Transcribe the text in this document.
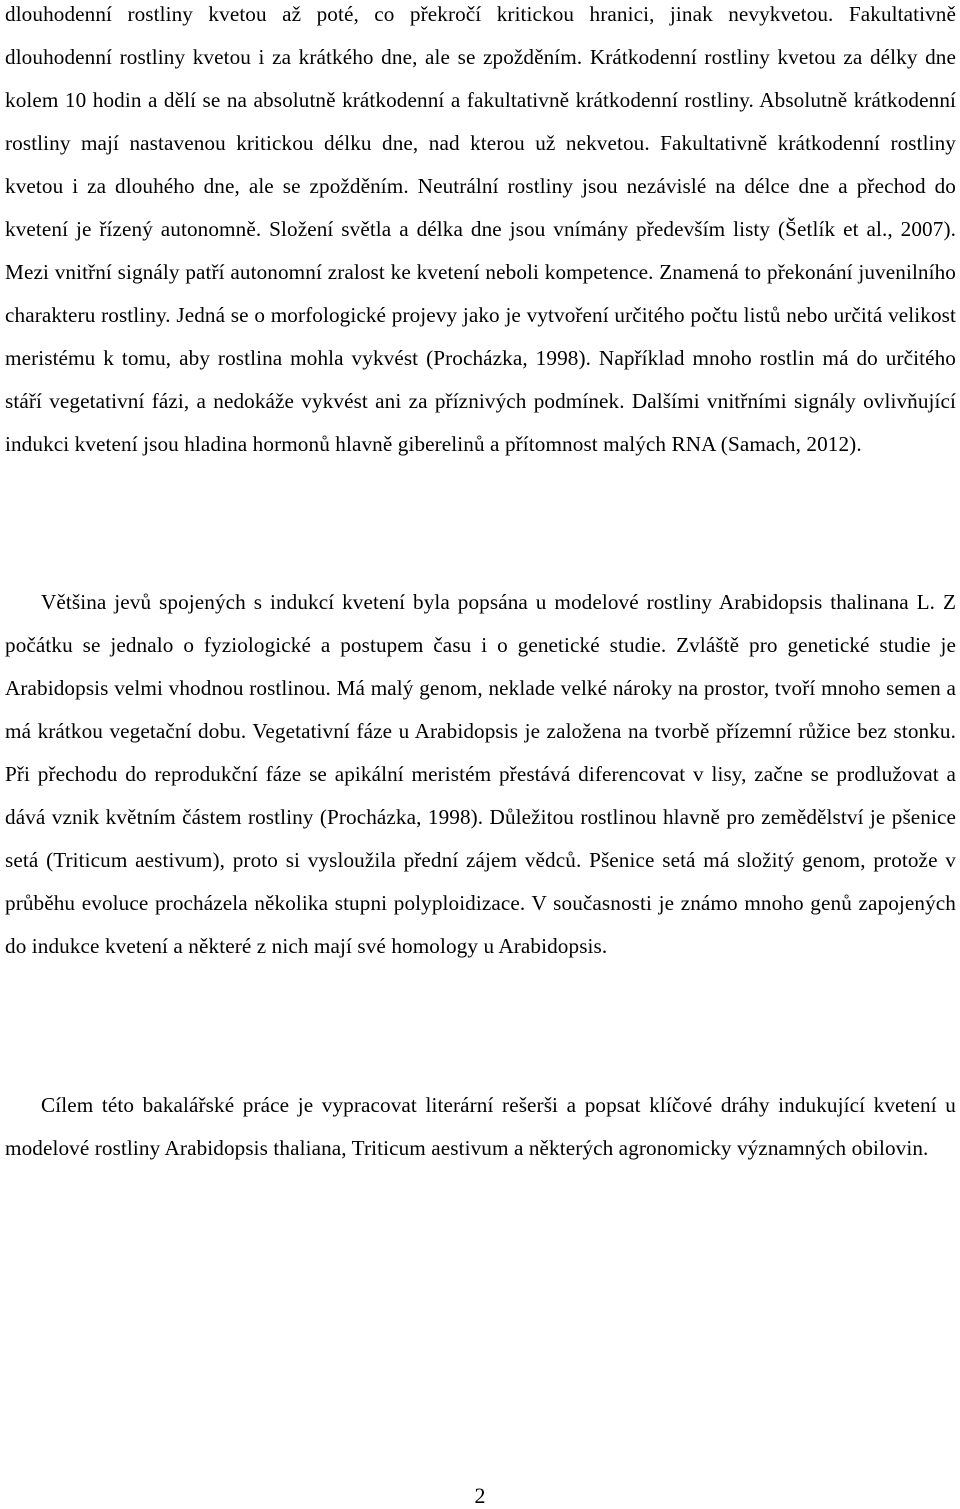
dlouhodenní rostliny kvetou až poté, co překročí kritickou hranici, jinak nevykvetou. Fakultativně dlouhodenní rostliny kvetou i za krátkého dne, ale se zpožděním. Krátkodenní rostliny kvetou za délky dne kolem 10 hodin a dělí se na absolutně krátkodenní a fakultativně krátkodenní rostliny. Absolutně krátkodenní rostliny mají nastavenou kritickou délku dne, nad kterou už nekvetou. Fakultativně krátkodenní rostliny kvetou i za dlouhého dne, ale se zpožděním. Neutrální rostliny jsou nezávislé na délce dne a přechod do kvetení je řízený autonomně. Složení světla a délka dne jsou vnímány především listy (Šetlík et al., 2007). Mezi vnitřní signály patří autonomní zralost ke kvetení neboli kompetence. Znamená to překonání juvenilního charakteru rostliny. Jedná se o morfologické projevy jako je vytvoření určitého počtu listů nebo určitá velikost meristému k tomu, aby rostlina mohla vykvést (Procházka, 1998). Například mnoho rostlin má do určitého stáří vegetativní fázi, a nedokáže vykvést ani za příznivých podmínek. Dalšími vnitřními signály ovlivňující indukci kvetení jsou hladina hormonů hlavně giberelinů a přítomnost malých RNA (Samach, 2012).

Většina jevů spojených s indukcí kvetení byla popsána u modelové rostliny Arabidopsis thalinana L. Z počátku se jednalo o fyziologické a postupem času i o genetické studie. Zvláště pro genetické studie je Arabidopsis velmi vhodnou rostlinou. Má malý genom, neklade velké nároky na prostor, tvoří mnoho semen a má krátkou vegetační dobu. Vegetativní fáze u Arabidopsis je založena na tvorbě přízemní růžice bez stonku. Při přechodu do reprodukční fáze se apikální meristém přestává diferencovat v lisy, začne se prodlužovat a dává vznik květním částem rostliny (Procházka, 1998). Důležitou rostlinou hlavně pro zemědělství je pšenice setá (Triticum aestivum), proto si vysloužila přední zájem vědců. Pšenice setá má složitý genom, protože v průběhu evoluce procházela několika stupni polyploidizace. V současnosti je známo mnoho genů zapojených do indukce kvetení a některé z nich mají své homology u Arabidopsis.

Cílem této bakalářské práce je vypracovat literární rešerši a popsat klíčové dráhy indukující kvetení u modelové rostliny Arabidopsis thaliana, Triticum aestivum a některých agronomicky významných obilovin.

2
